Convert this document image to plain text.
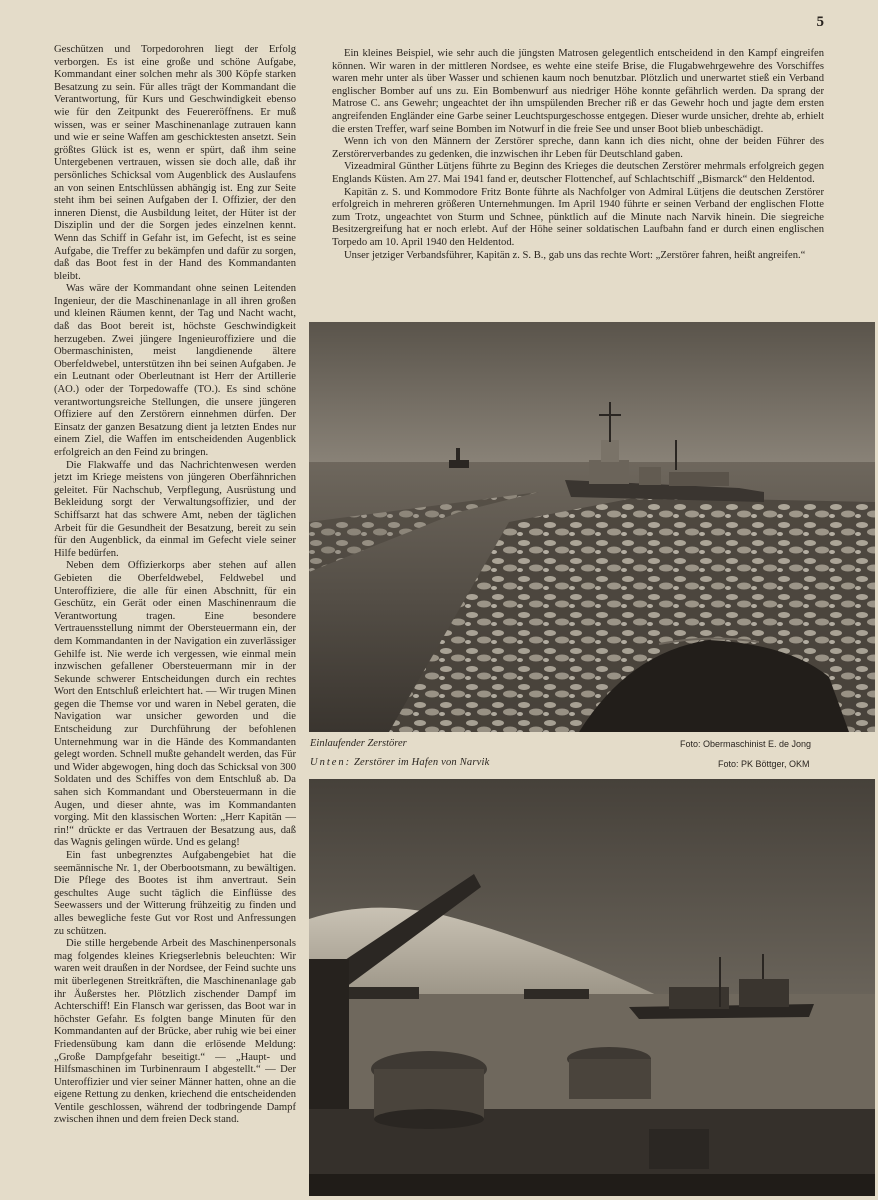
5

Geschützen und Torpedorohren liegt der Erfolg verborgen. Es ist eine große und schöne Aufgabe, Kommandant einer solchen mehr als 300 Köpfe starken Besatzung zu sein. Für alles trägt der Kommandant die Verantwortung, für Kurs und Geschwindigkeit ebenso wie für den Zeitpunkt des Feuereröffnens. Er muß wissen, was er seiner Maschinenanlage zutrauen kann und wie er seine Waffen am geschicktesten ansetzt. Sein größtes Glück ist es, wenn er spürt, daß ihm seine Untergebenen vertrauen, wissen sie doch alle, daß ihr persönliches Schicksal vom Augenblick des Auslaufens an von seinen Entschlüssen abhängig ist. Eng zur Seite steht ihm bei seinen Aufgaben der I. Offizier, der den inneren Dienst, die Ausbildung leitet, der Hüter ist der Disziplin und der die Sorgen jedes einzelnen kennt. Wenn das Schiff in Gefahr ist, im Gefecht, ist es seine Aufgabe, die Treffer zu bekämpfen und dafür zu sorgen, daß das Boot fest in der Hand des Kommandanten bleibt.

Was wäre der Kommandant ohne seinen Leitenden Ingenieur, der die Maschinenanlage in all ihren großen und kleinen Räumen kennt, der Tag und Nacht wacht, daß das Boot bereit ist, höchste Geschwindigkeit herzugeben. Zwei jüngere Ingenieuroffiziere und die Obermaschinisten, meist langdienende ältere Oberfeldwebel, unterstützen ihn bei seinen Aufgaben. Je ein Leutnant oder Oberleutnant ist Herr der Artillerie (AO.) oder der Torpedowaffe (TO.). Es sind schöne verantwortungsreiche Stellungen, die unsere jüngeren Offiziere auf den Zerstörern einnehmen dürfen. Der Einsatz der ganzen Besatzung dient ja letzten Endes nur einem Ziel, die Waffen im entscheidenden Augenblick erfolgreich an den Feind zu bringen.

Die Flakwaffe und das Nachrichtenwesen werden jetzt im Kriege meistens von jüngeren Oberfähnrichen geleitet. Für Nachschub, Verpflegung, Ausrüstung und Bekleidung sorgt der Verwaltungsoffizier, und der Schiffsarzt hat das schwere Amt, neben der täglichen Arbeit für die Gesundheit der Besatzung, bereit zu sein für den Augenblick, da einmal im Gefecht viele seiner Hilfe bedürfen.

Neben dem Offizierkorps aber stehen auf allen Gebieten die Oberfeldwebel, Feldwebel und Unteroffiziere, die alle für einen Abschnitt, für ein Geschütz, ein Gerät oder einen Maschinenraum die Verantwortung tragen. Eine besondere Vertrauensstellung nimmt der Obersteuermann ein, der dem Kommandanten in der Navigation ein zuverlässiger Gehilfe ist. Nie werde ich vergessen, wie einmal mein inzwischen gefallener Obersteuermann mir in der Sekunde schwerer Entscheidungen durch ein rechtes Wort den Entschluß erleichtert hat. — Wir trugen Minen gegen die Themse vor und waren in Nebel geraten, die Navigation war unsicher geworden und die Entscheidung zur Durchführung der befohlenen Unternehmung war in die Hände des Kommandanten gelegt worden. Schnell mußte gehandelt werden, das Für und Wider abgewogen, hing doch das Schicksal von 300 Soldaten und des Schiffes von dem Entschluß ab. Da sahen sich Kommandant und Obersteuermann in die Augen, und dieser ahnte, was im Kommandanten vorging. Mit den klassischen Worten: „Herr Kapitän — rin!“ drückte er das Vertrauen der Besatzung aus, daß das Wagnis gelingen würde. Und es gelang!

Ein fast unbegrenztes Aufgabengebiet hat die seemännische Nr. 1, der Oberbootsmann, zu bewältigen. Die Pflege des Bootes ist ihm anvertraut. Sein geschultes Auge sucht täglich die Einflüsse des Seewassers und der Witterung frühzeitig zu finden und alles bewegliche feste Gut vor Rost und Anfressungen zu schützen.

Die stille hergebende Arbeit des Maschinenpersonals mag folgendes kleines Kriegserlebnis beleuchten: Wir waren weit draußen in der Nordsee, der Feind suchte uns mit überlegenen Streitkräften, die Maschinenanlage gab ihr Äußerstes her. Plötzlich zischender Dampf im Achterschiff! Ein Flansch war gerissen, das Boot war in höchster Gefahr. Es folgten bange Minuten für den Kommandanten auf der Brücke, aber ruhig wie bei einer Friedensübung kam dann die erlösende Meldung: „Große Dampfgefahr beseitigt.“ — „Haupt- und Hilfsmaschinen im Turbinenraum I abgestellt.“ — Der Unteroffizier und vier seiner Männer hatten, ohne an die eigene Rettung zu denken, kriechend die entscheidenden Ventile geschlossen, während der todbringende Dampf zwischen ihnen und dem freien Deck stand.

Ein kleines Beispiel, wie sehr auch die jüngsten Matrosen gelegentlich entscheidend in den Kampf eingreifen können. Wir waren in der mittleren Nordsee, es wehte eine steife Brise, die Flugabwehrgewehre des Vorschiffes waren mehr unter als über Wasser und schienen kaum noch benutzbar. Plötzlich und unerwartet stieß ein Verband englischer Bomber auf uns zu. Ein Bombenwurf aus niedriger Höhe konnte gefährlich werden. Da sprang der Matrose C. ans Gewehr; ungeachtet der ihn umspülenden Brecher riß er das Gewehr hoch und jagte dem ersten angreifenden Engländer eine Garbe seiner Leuchtspurgeschosse entgegen. Dieser wurde unsicher, drehte ab, erhielt die ersten Treffer, warf seine Bomben im Notwurf in die freie See und unser Boot blieb unbeschädigt.

Wenn ich von den Männern der Zerstörer spreche, dann kann ich dies nicht, ohne der beiden Führer des Zerstörerverbandes zu gedenken, die inzwischen ihr Leben für Deutschland gaben.

Vizeadmiral Günther Lütjens führte zu Beginn des Krieges die deutschen Zerstörer mehrmals erfolgreich gegen Englands Küsten. Am 27. Mai 1941 fand er, deutscher Flottenchef, auf Schlachtschiff „Bismarck“ den Heldentod.

Kapitän z. S. und Kommodore Fritz Bonte führte als Nachfolger von Admiral Lütjens die deutschen Zerstörer erfolgreich in mehreren größeren Unternehmungen. Im April 1940 führte er seinen Verband der englischen Flotte zum Trotz, ungeachtet von Sturm und Schnee, pünktlich auf die Minute nach Narvik hinein. Die siegreiche Besitzergreifung hat er noch erlebt. Auf der Höhe seiner soldatischen Laufbahn fand er durch einen englischen Torpedo am 10. April 1940 den Heldentod.

Unser jetziger Verbandsführer, Kapitän z. S. B., gab uns das rechte Wort: „Zerstörer fahren, heißt angreifen.“

Einlaufender Zerstörer	Foto: Obermaschinist E. de Jong
Unten: Zerstörer im Hafen von Narvik	Foto: PK Böttger, OKM
